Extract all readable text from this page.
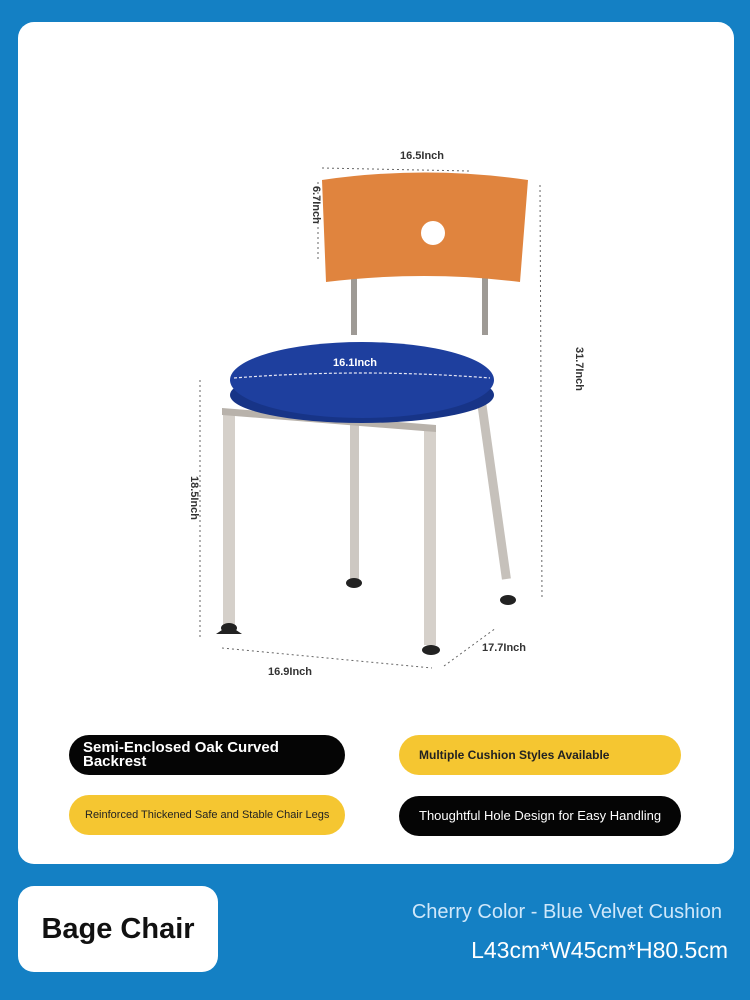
16.5Inch
6.7Inch
16.1Inch	31.7Inch
18.5Inch
16.9Inch
17.7Inch
Semi-Enclosed Oak Curved Backrest	Multiple Cushion Styles Available
Reinforced Thickened Safe and Stable Chair Legs	Thoughtful Hole Design for Easy Handling
Bage Chair
Cherry Color - Blue Velvet Cushion
L43cm*W45cm*H80.5cm
